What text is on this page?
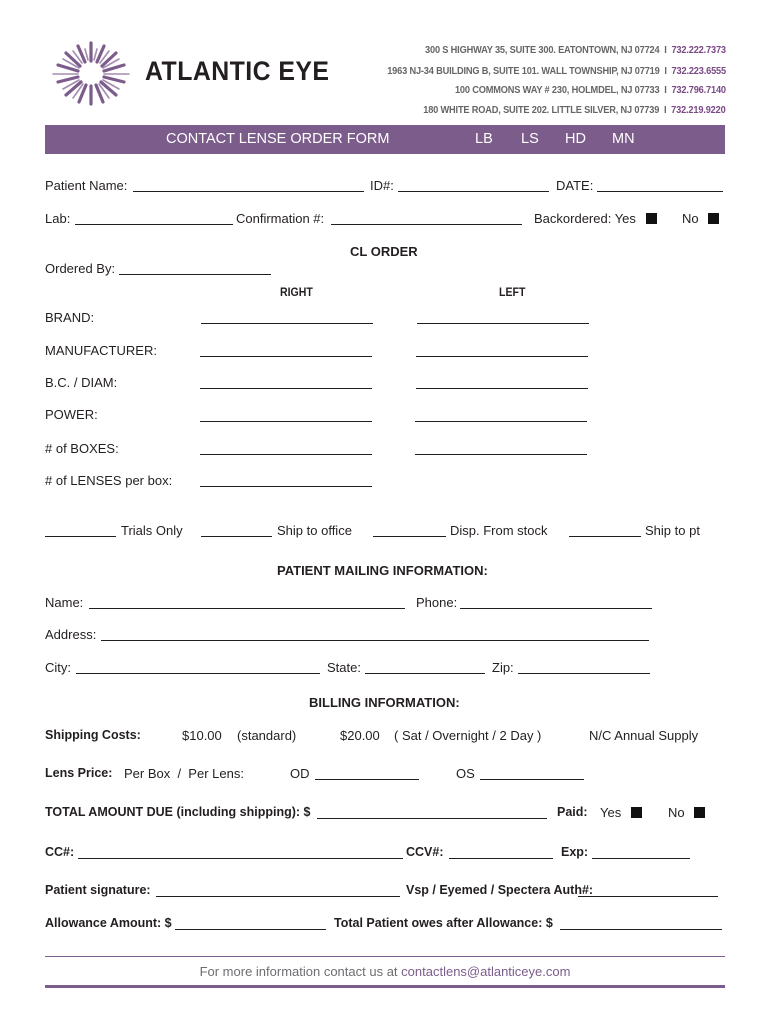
ATLANTIC EYE
300 S HIGHWAY 35, SUITE 300. EATONTOWN, NJ 07724 I 732.222.7373
1963 NJ-34 BUILDING B, SUITE 101. WALL TOWNSHIP, NJ 07719 I 732.223.6555
100 COMMONS WAY # 230, HOLMDEL, NJ 07733 I 732.796.7140
180 WHITE ROAD, SUITE 202. LITTLE SILVER, NJ 07739 I 732.219.9220
CONTACT LENSE ORDER FORM	LB LS HD MN
Patient Name:	ID#:	DATE:
Lab:	Confirmation #:	Backordered: Yes	No
CL ORDER
Ordered By:
RIGHT	LEFT
BRAND:
MANUFACTURER:
B.C. / DIAM:
POWER:
# of BOXES:
# of LENSES per box:
Trials Only	Ship to office	Disp. From stock	Ship to pt
PATIENT MAILING INFORMATION:
Name:	Phone:
Address:
City:	State:	Zip:
BILLING INFORMATION:
Shipping Costs:	$10.00 (standard)	$20.00 ( Sat / Overnight / 2 Day )	N/C Annual Supply
Lens Price: Per Box  /  Per Lens:	OD	OS
TOTAL AMOUNT DUE (including shipping): $	Paid: Yes	No
CC#:	CCV#:	Exp:
Patient signature:	Vsp / Eyemed / Spectera Auth#:
Allowance Amount: $	Total Patient owes after Allowance: $
For more information contact us at contactlens@atlanticeye.com
